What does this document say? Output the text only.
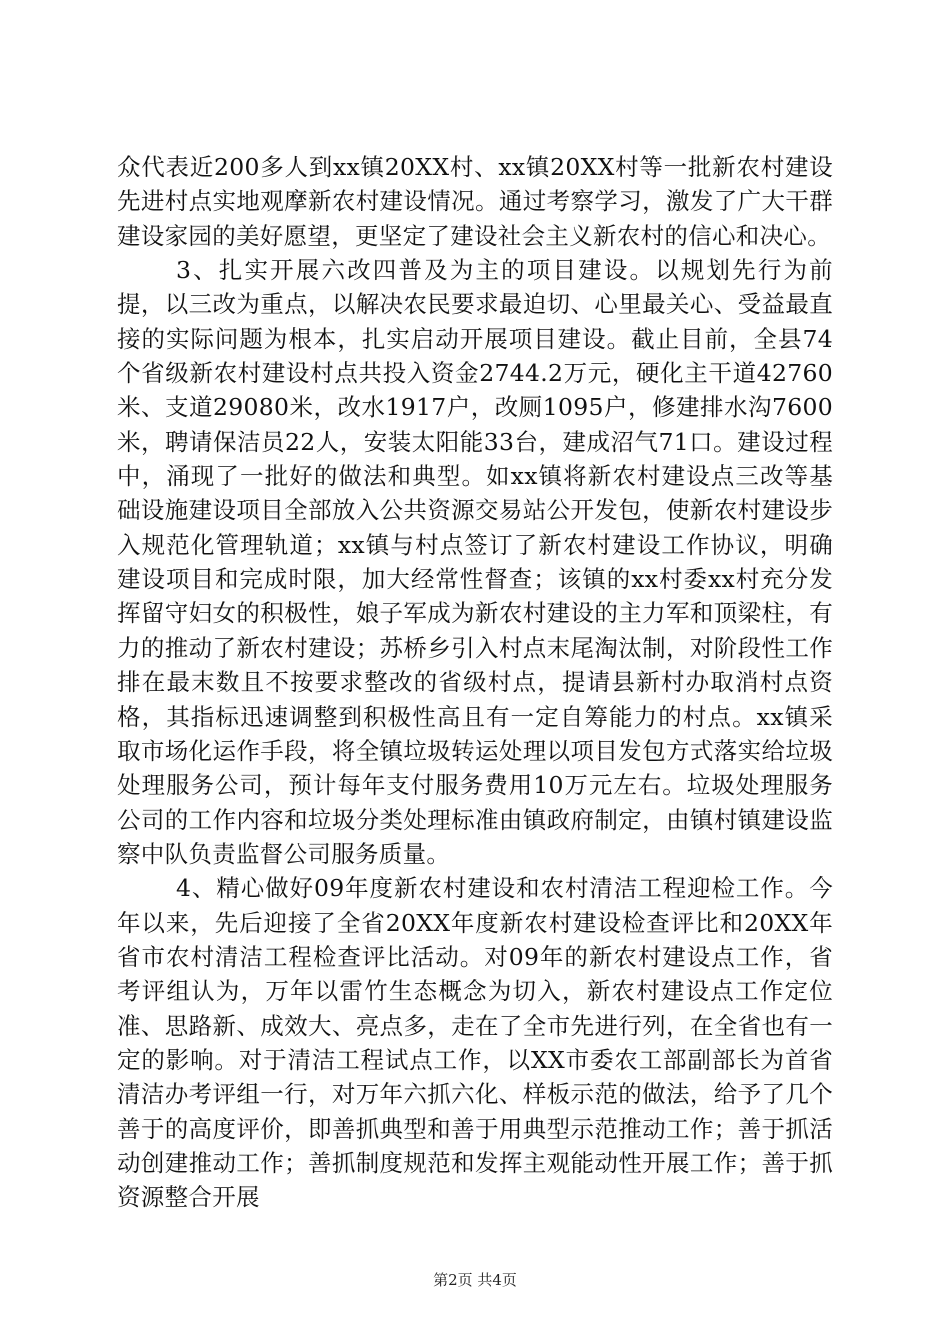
众代表近200多人到xx镇20XX村、xx镇20XX村等一批新农村建设先进村点实地观摩新农村建设情况。通过考察学习，激发了广大干群建设家园的美好愿望，更坚定了建设社会主义新农村的信心和决心。

3、扎实开展六改四普及为主的项目建设。以规划先行为前提，以三改为重点，以解决农民要求最迫切、心里最关心、受益最直接的实际问题为根本，扎实启动开展项目建设。截止目前，全县74个省级新农村建设村点共投入资金2744.2万元，硬化主干道42760米、支道29080米，改水1917户，改厕1095户，修建排水沟7600米，聘请保洁员22人，安装太阳能33台，建成沼气71口。建设过程中，涌现了一批好的做法和典型。如xx镇将新农村建设点三改等基础设施建设项目全部放入公共资源交易站公开发包，使新农村建设步入规范化管理轨道；xx镇与村点签订了新农村建设工作协议，明确建设项目和完成时限，加大经常性督查；该镇的xx村委xx村充分发挥留守妇女的积极性，娘子军成为新农村建设的主力军和顶梁柱，有力的推动了新农村建设；苏桥乡引入村点末尾淘汰制，对阶段性工作排在最末数且不按要求整改的省级村点，提请县新村办取消村点资格，其指标迅速调整到积极性高且有一定自筹能力的村点。xx镇采取市场化运作手段，将全镇垃圾转运处理以项目发包方式落实给垃圾处理服务公司，预计每年支付服务费用10万元左右。垃圾处理服务公司的工作内容和垃圾分类处理标准由镇政府制定，由镇村镇建设监察中队负责监督公司服务质量。

4、精心做好09年度新农村建设和农村清洁工程迎检工作。今年以来，先后迎接了全省20XX年度新农村建设检查评比和20XX年省市农村清洁工程检查评比活动。对09年的新农村建设点工作，省考评组认为，万年以雷竹生态概念为切入，新农村建设点工作定位准、思路新、成效大、亮点多，走在了全市先进行列，在全省也有一定的影响。对于清洁工程试点工作，以XX市委农工部副部长为首省清洁办考评组一行，对万年六抓六化、样板示范的做法，给予了几个善于的高度评价，即善抓典型和善于用典型示范推动工作；善于抓活动创建推动工作；善抓制度规范和发挥主观能动性开展工作；善于抓资源整合开展

第2页 共4页
